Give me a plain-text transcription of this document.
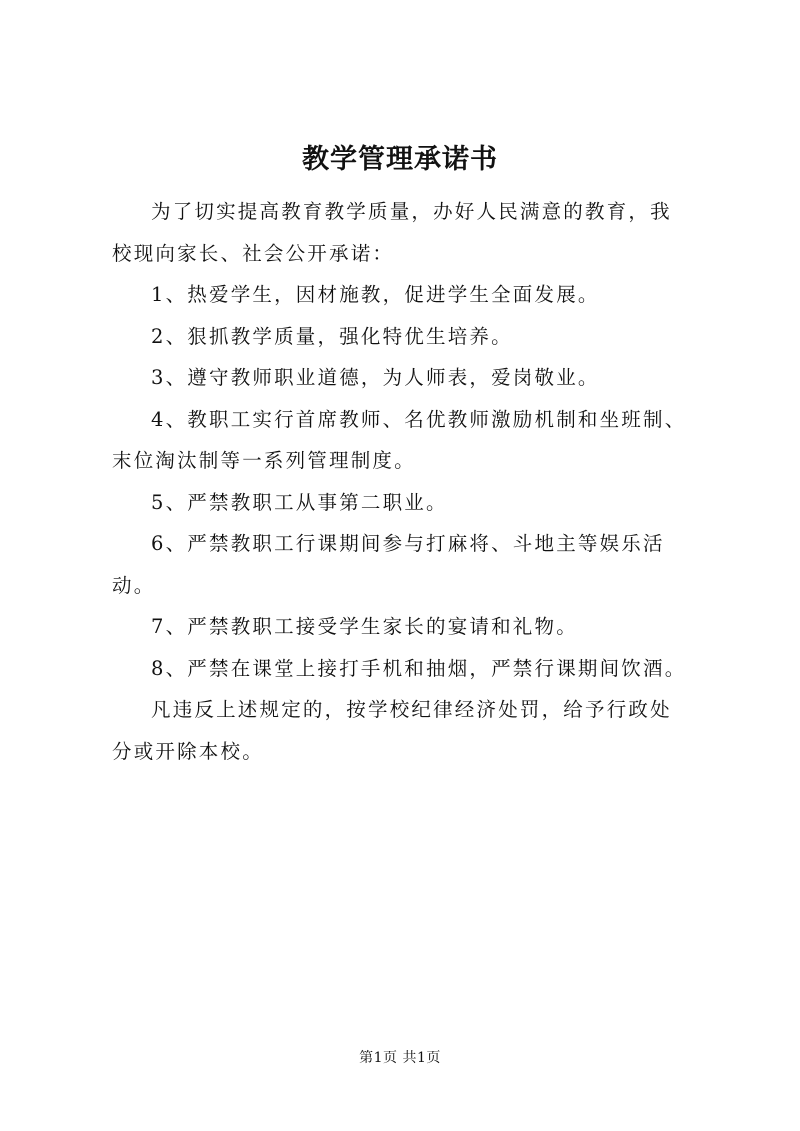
教学管理承诺书

为了切实提高教育教学质量，办好人民满意的教育，我校现向家长、社会公开承诺：

1、热爱学生，因材施教，促进学生全面发展。

2、狠抓教学质量，强化特优生培养。

3、遵守教师职业道德，为人师表，爱岗敬业。

4、教职工实行首席教师、名优教师激励机制和坐班制、末位淘汰制等一系列管理制度。

5、严禁教职工从事第二职业。

6、严禁教职工行课期间参与打麻将、斗地主等娱乐活动。

7、严禁教职工接受学生家长的宴请和礼物。

8、严禁在课堂上接打手机和抽烟，严禁行课期间饮酒。

凡违反上述规定的，按学校纪律经济处罚，给予行政处分或开除本校。

第1页 共1页
